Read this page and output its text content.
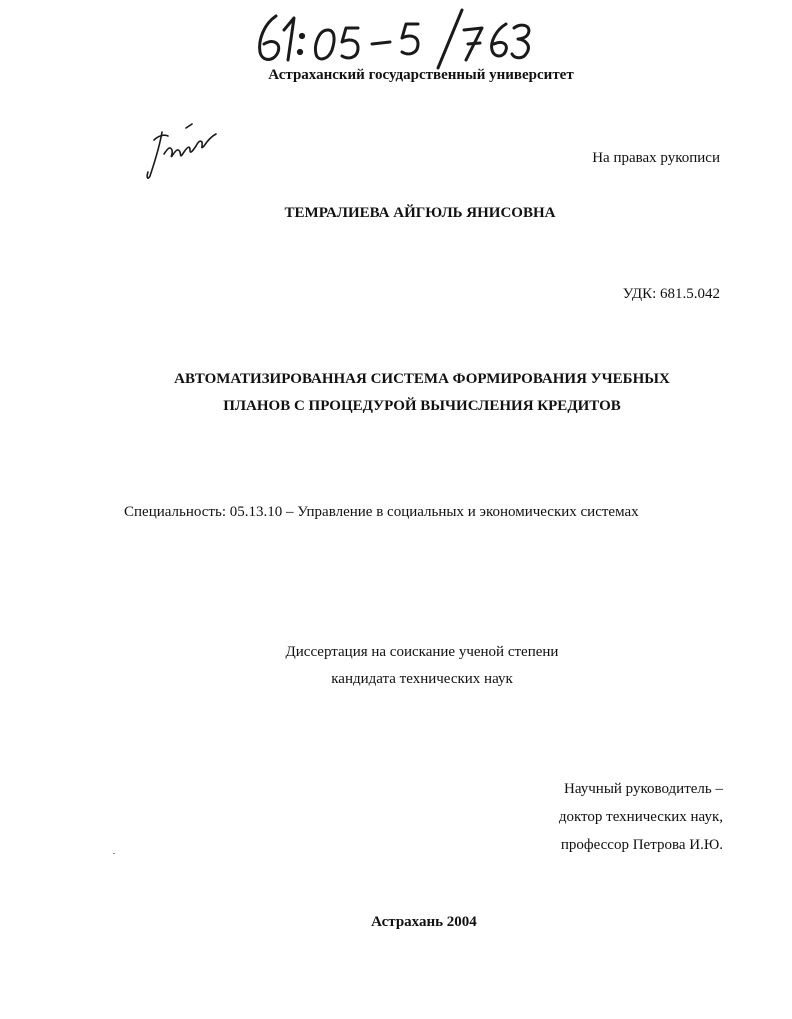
Астраханский государственный университет
На правах рукописи
ТЕМРАЛИЕВА АЙГЮЛЬ ЯНИСОВНА
УДК: 681.5.042
АВТОМАТИЗИРОВАННАЯ СИСТЕМА ФОРМИРОВАНИЯ УЧЕБНЫХ
ПЛАНОВ С ПРОЦЕДУРОЙ ВЫЧИСЛЕНИЯ КРЕДИТОВ
Специальность: 05.13.10 – Управление в социальных и экономических системах
Диссертация на соискание ученой степени
кандидата технических наук
Научный руководитель –
доктор технических наук,
профессор Петрова И.Ю.
Астрахань 2004
